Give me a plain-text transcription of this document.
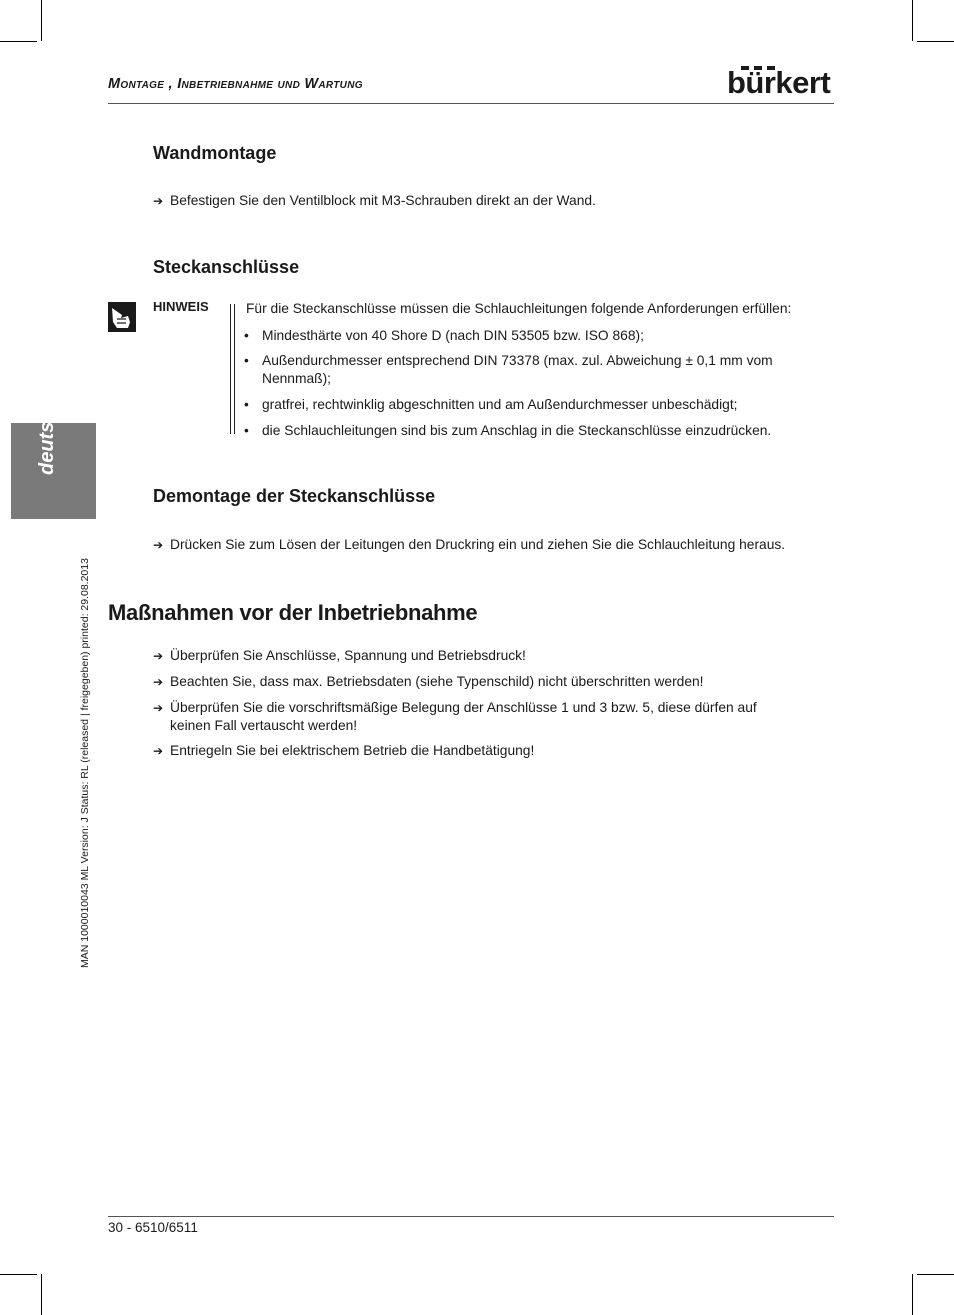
Montage , Inbetriebnahme und Wartung	bürkert
deutsch
MAN 1000010043 ML Version: J Status: RL (released | freigegeben) printed: 29.08.2013
Wandmontage
➔ Befestigen Sie den Ventilblock mit M3-Schrauben direkt an der Wand.
Steckanschlüsse
HINWEIS	Für die Steckanschlüsse müssen die Schlauchleitungen folgende Anforderungen erfüllen:
• Mindesthärte von 40 Shore D (nach DIN 53505 bzw. ISO 868);
• Außendurchmesser entsprechend DIN 73378 (max. zul. Abweichung ± 0,1 mm vom
Nennmaß);
• gratfrei, rechtwinklig abgeschnitten und am Außendurchmesser unbeschädigt;
• die Schlauchleitungen sind bis zum Anschlag in die Steckanschlüsse einzudrücken.
Demontage der Steckanschlüsse
➔ Drücken Sie zum Lösen der Leitungen den Druckring ein und ziehen Sie die Schlauchleitung heraus.
Maßnahmen vor der Inbetriebnahme
➔ Überprüfen Sie Anschlüsse, Spannung und Betriebsdruck!
➔ Beachten Sie, dass max. Betriebsdaten (siehe Typenschild) nicht überschritten werden!
➔ Überprüfen Sie die vorschriftsmäßige Belegung der Anschlüsse 1 und 3 bzw. 5, diese dürfen auf
keinen Fall vertauscht werden!
➔ Entriegeln Sie bei elektrischem Betrieb die Handbetätigung!
30 - 6510/6511
